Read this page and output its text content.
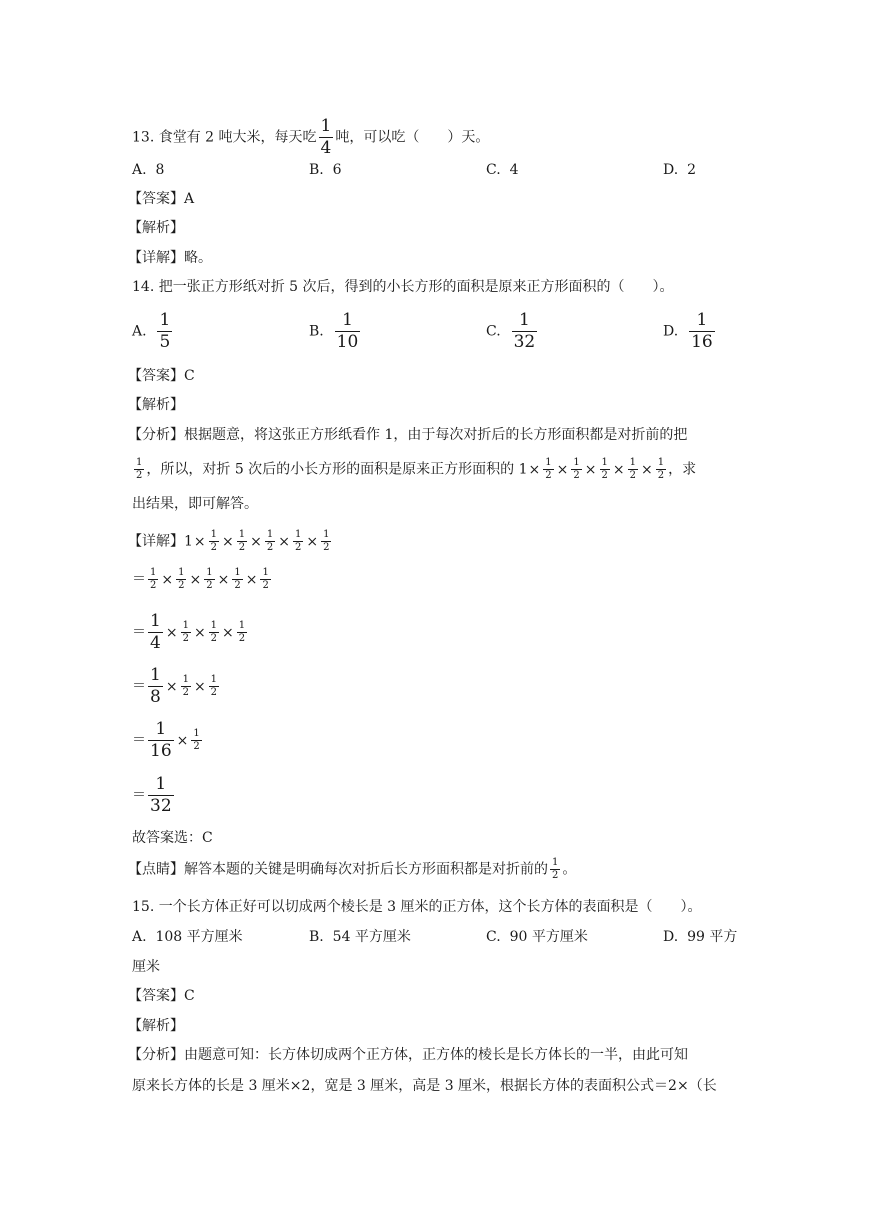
13. 食堂有 2 吨大米，每天吃 $\frac{1}{4}$ 吨，可以吃（　　）天。
A. 8	B. 6	C. 4	D. 2
【答案】A
【解析】
【详解】略。
14. 把一张正方形纸对折 5 次后，得到的小长方形的面积是原来正方形面积的（　　）。
A. $\frac{1}{5}$	B. $\frac{1}{10}$	C. $\frac{1}{32}$	D. $\frac{1}{16}$
【答案】C
【解析】
【分析】根据题意，将这张正方形纸看作 1，由于每次对折后的长方形面积都是对折前的把
$\frac{1}{2}$ ，所以，对折 5 次后的小长方形的面积是原来正方形面积的 $1\times \frac{1}{2} \times \frac{1}{2} \times \frac{1}{2} \times \frac{1}{2} \times \frac{1}{2}$ ，求
出结果，即可解答。
【详解】$1\times \frac{1}{2} \times \frac{1}{2} \times \frac{1}{2} \times \frac{1}{2} \times \frac{1}{2}$
＝ $\frac{1}{2} \times \frac{1}{2} \times \frac{1}{2} \times \frac{1}{2} \times \frac{1}{2}$
＝ $\frac{1}{4} \times \frac{1}{2} \times \frac{1}{2} \times \frac{1}{2}$
＝ $\frac{1}{8} \times \frac{1}{2} \times \frac{1}{2}$
＝ $\frac{1}{16} \times \frac{1}{2}$
＝ $\frac{1}{32}$
故答案选：C
【点睛】解答本题的关键是明确每次对折后长方形面积都是对折前的 $\frac{1}{2}$ 。
15. 一个长方体正好可以切成两个棱长是 3 厘米的正方体，这个长方体的表面积是（　　）。
A. 108 平方厘米	B. 54 平方厘米	C. 90 平方厘米	D. 99 平方
厘米
【答案】C
【解析】
【分析】由题意可知：长方体切成两个正方体，正方体的棱长是长方体长的一半，由此可知
原来长方体的长是 3 厘米×2，宽是 3 厘米，高是 3 厘米，根据长方体的表面积公式＝2×（长
